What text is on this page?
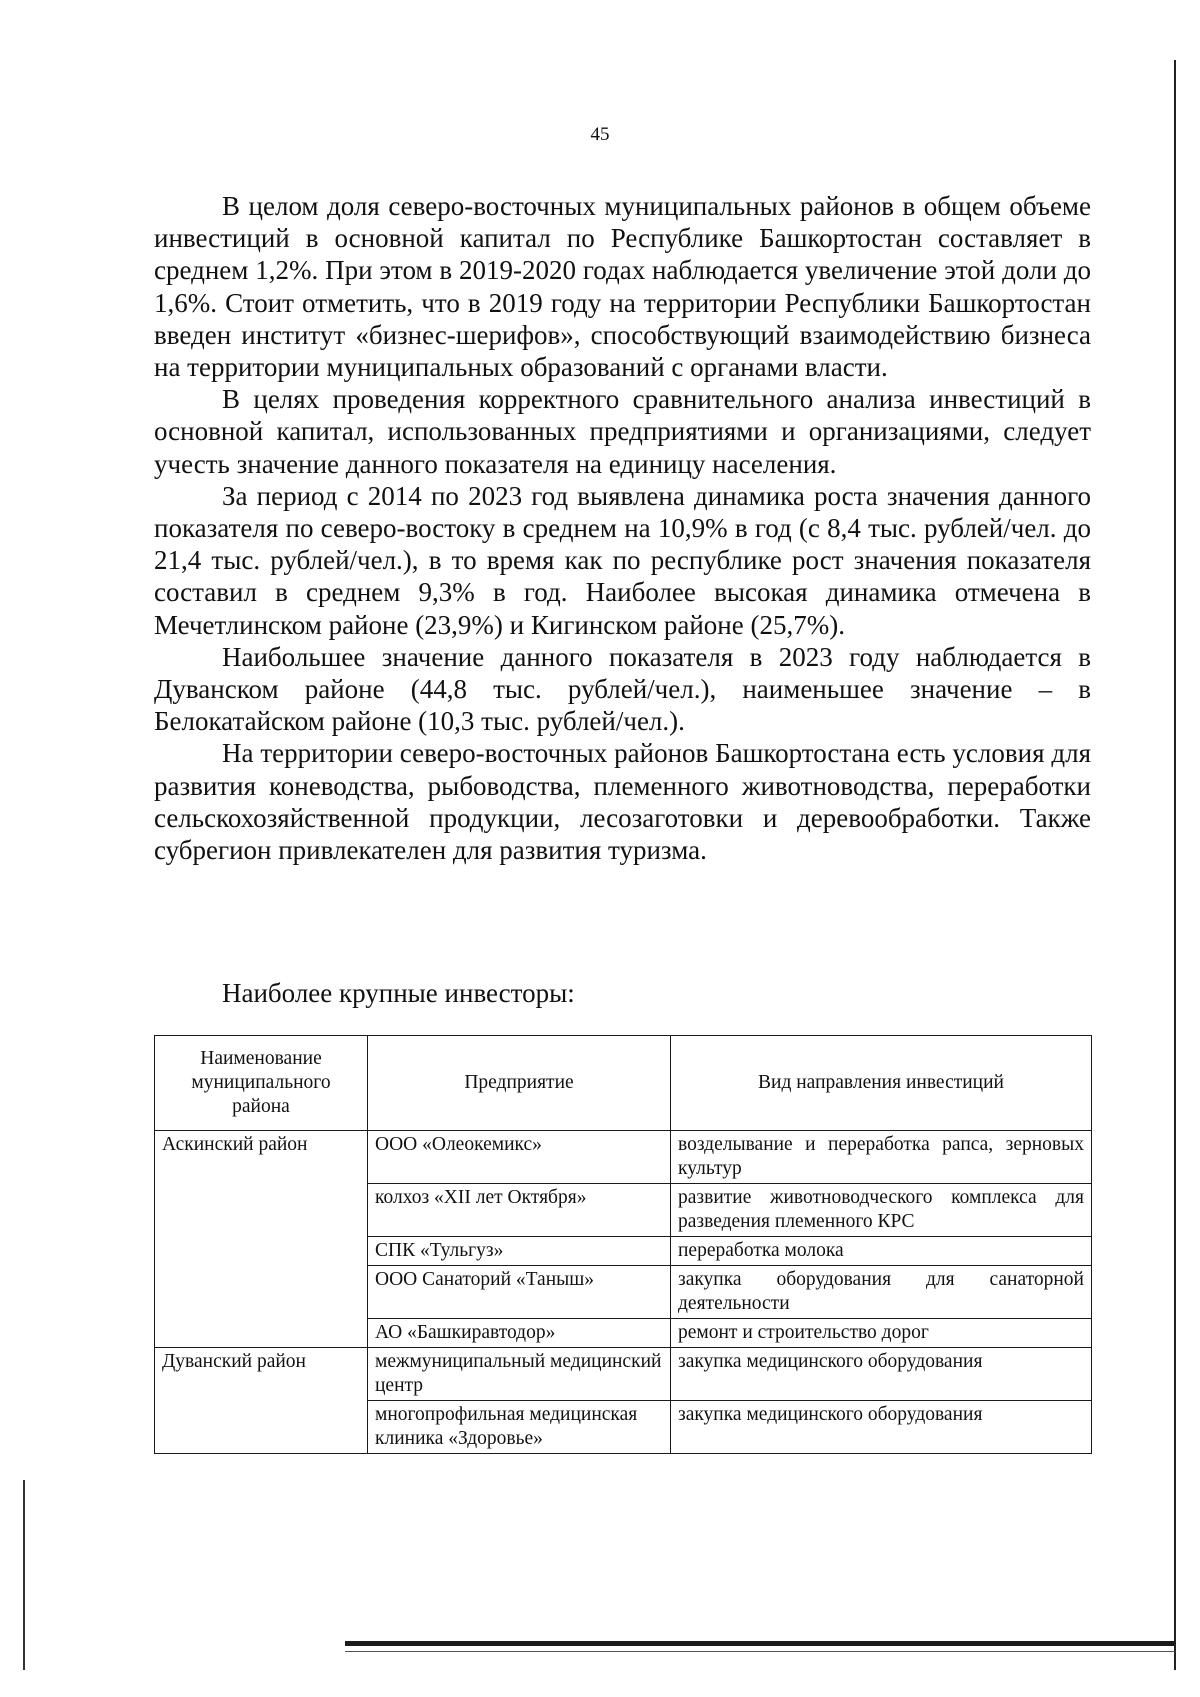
45

В целом доля северо-восточных муниципальных районов в общем объеме инвестиций в основной капитал по Республике Башкортостан составляет в среднем 1,2%. При этом в 2019-2020 годах наблюдается увеличение этой доли до 1,6%. Стоит отметить, что в 2019 году на территории Республики Башкортостан введен институт «бизнес-шерифов», способствующий взаимодействию бизнеса на территории муниципальных образований с органами власти.

В целях проведения корректного сравнительного анализа инвестиций в основной капитал, использованных предприятиями и организациями, следует учесть значение данного показателя на единицу населения.

За период с 2014 по 2023 год выявлена динамика роста значения данного показателя по северо-востоку в среднем на 10,9% в год (с 8,4 тыс. рублей/чел. до 21,4 тыс. рублей/чел.), в то время как по республике рост значения показателя составил в среднем 9,3% в год. Наиболее высокая динамика отмечена в Мечетлинском районе (23,9%) и Кигинском районе (25,7%).

Наибольшее значение данного показателя в 2023 году наблюдается в Дуванском районе (44,8 тыс. рублей/чел.), наименьшее значение – в Белокатайском районе (10,3 тыс. рублей/чел.).

На территории северо-восточных районов Башкортостана есть условия для развития коневодства, рыбоводства, племенного животноводства, переработки сельскохозяйственной продукции, лесозаготовки и деревообработки. Также субрегион привлекателен для развития туризма.

Наиболее крупные инвесторы:

Наименование муниципального района	Предприятие	Вид направления инвестиций
Аскинский район	ООО «Олеокемикс»	возделывание и переработка рапса, зерновых культур
	колхоз «XII лет Октября»	развитие животноводческого комплекса для разведения племенного КРС
	СПК «Тульгуз»	переработка молока
	ООО Санаторий «Таныш»	закупка оборудования для санаторной деятельности
	АО «Башкиравтодор»	ремонт и строительство дорог
Дуванский район	межмуниципальный медицинский центр	закупка медицинского оборудования
	многопрофильная медицинская клиника «Здоровье»	закупка медицинского оборудования
